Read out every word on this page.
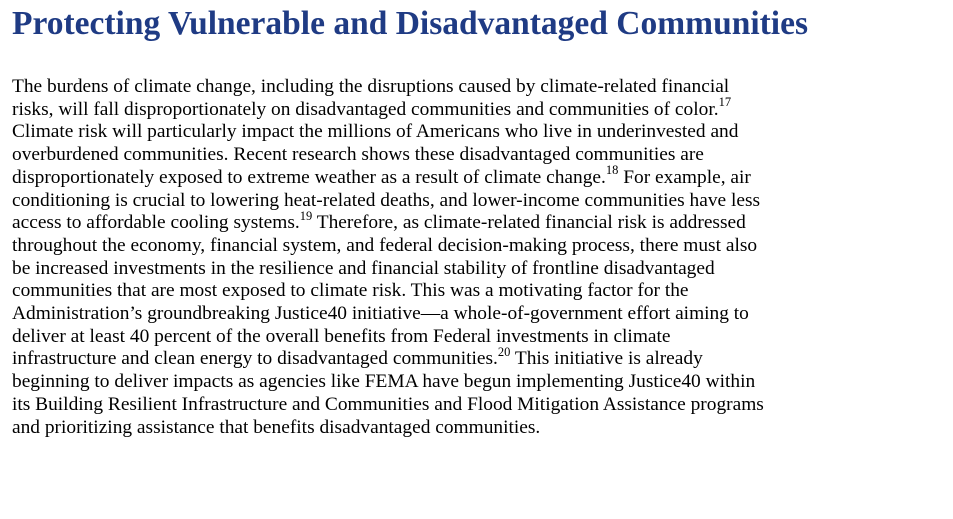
Protecting Vulnerable and Disadvantaged Communities
The burdens of climate change, including the disruptions caused by climate-related financial
risks, will fall disproportionately on disadvantaged communities and communities of color.$^{17}$
Climate risk will particularly impact the millions of Americans who live in underinvested and
overburdened communities. Recent research shows these disadvantaged communities are
disproportionately exposed to extreme weather as a result of climate change.$^{18}$ For example, air
conditioning is crucial to lowering heat-related deaths, and lower-income communities have less
access to affordable cooling systems.$^{19}$ Therefore, as climate-related financial risk is addressed
throughout the economy, financial system, and federal decision-making process, there must also
be increased investments in the resilience and financial stability of frontline disadvantaged
communities that are most exposed to climate risk. This was a motivating factor for the
Administration’s groundbreaking Justice40 initiative—a whole-of-government effort aiming to
deliver at least 40 percent of the overall benefits from Federal investments in climate
infrastructure and clean energy to disadvantaged communities.$^{20}$ This initiative is already
beginning to deliver impacts as agencies like FEMA have begun implementing Justice40 within
its Building Resilient Infrastructure and Communities and Flood Mitigation Assistance programs
and prioritizing assistance that benefits disadvantaged communities.
